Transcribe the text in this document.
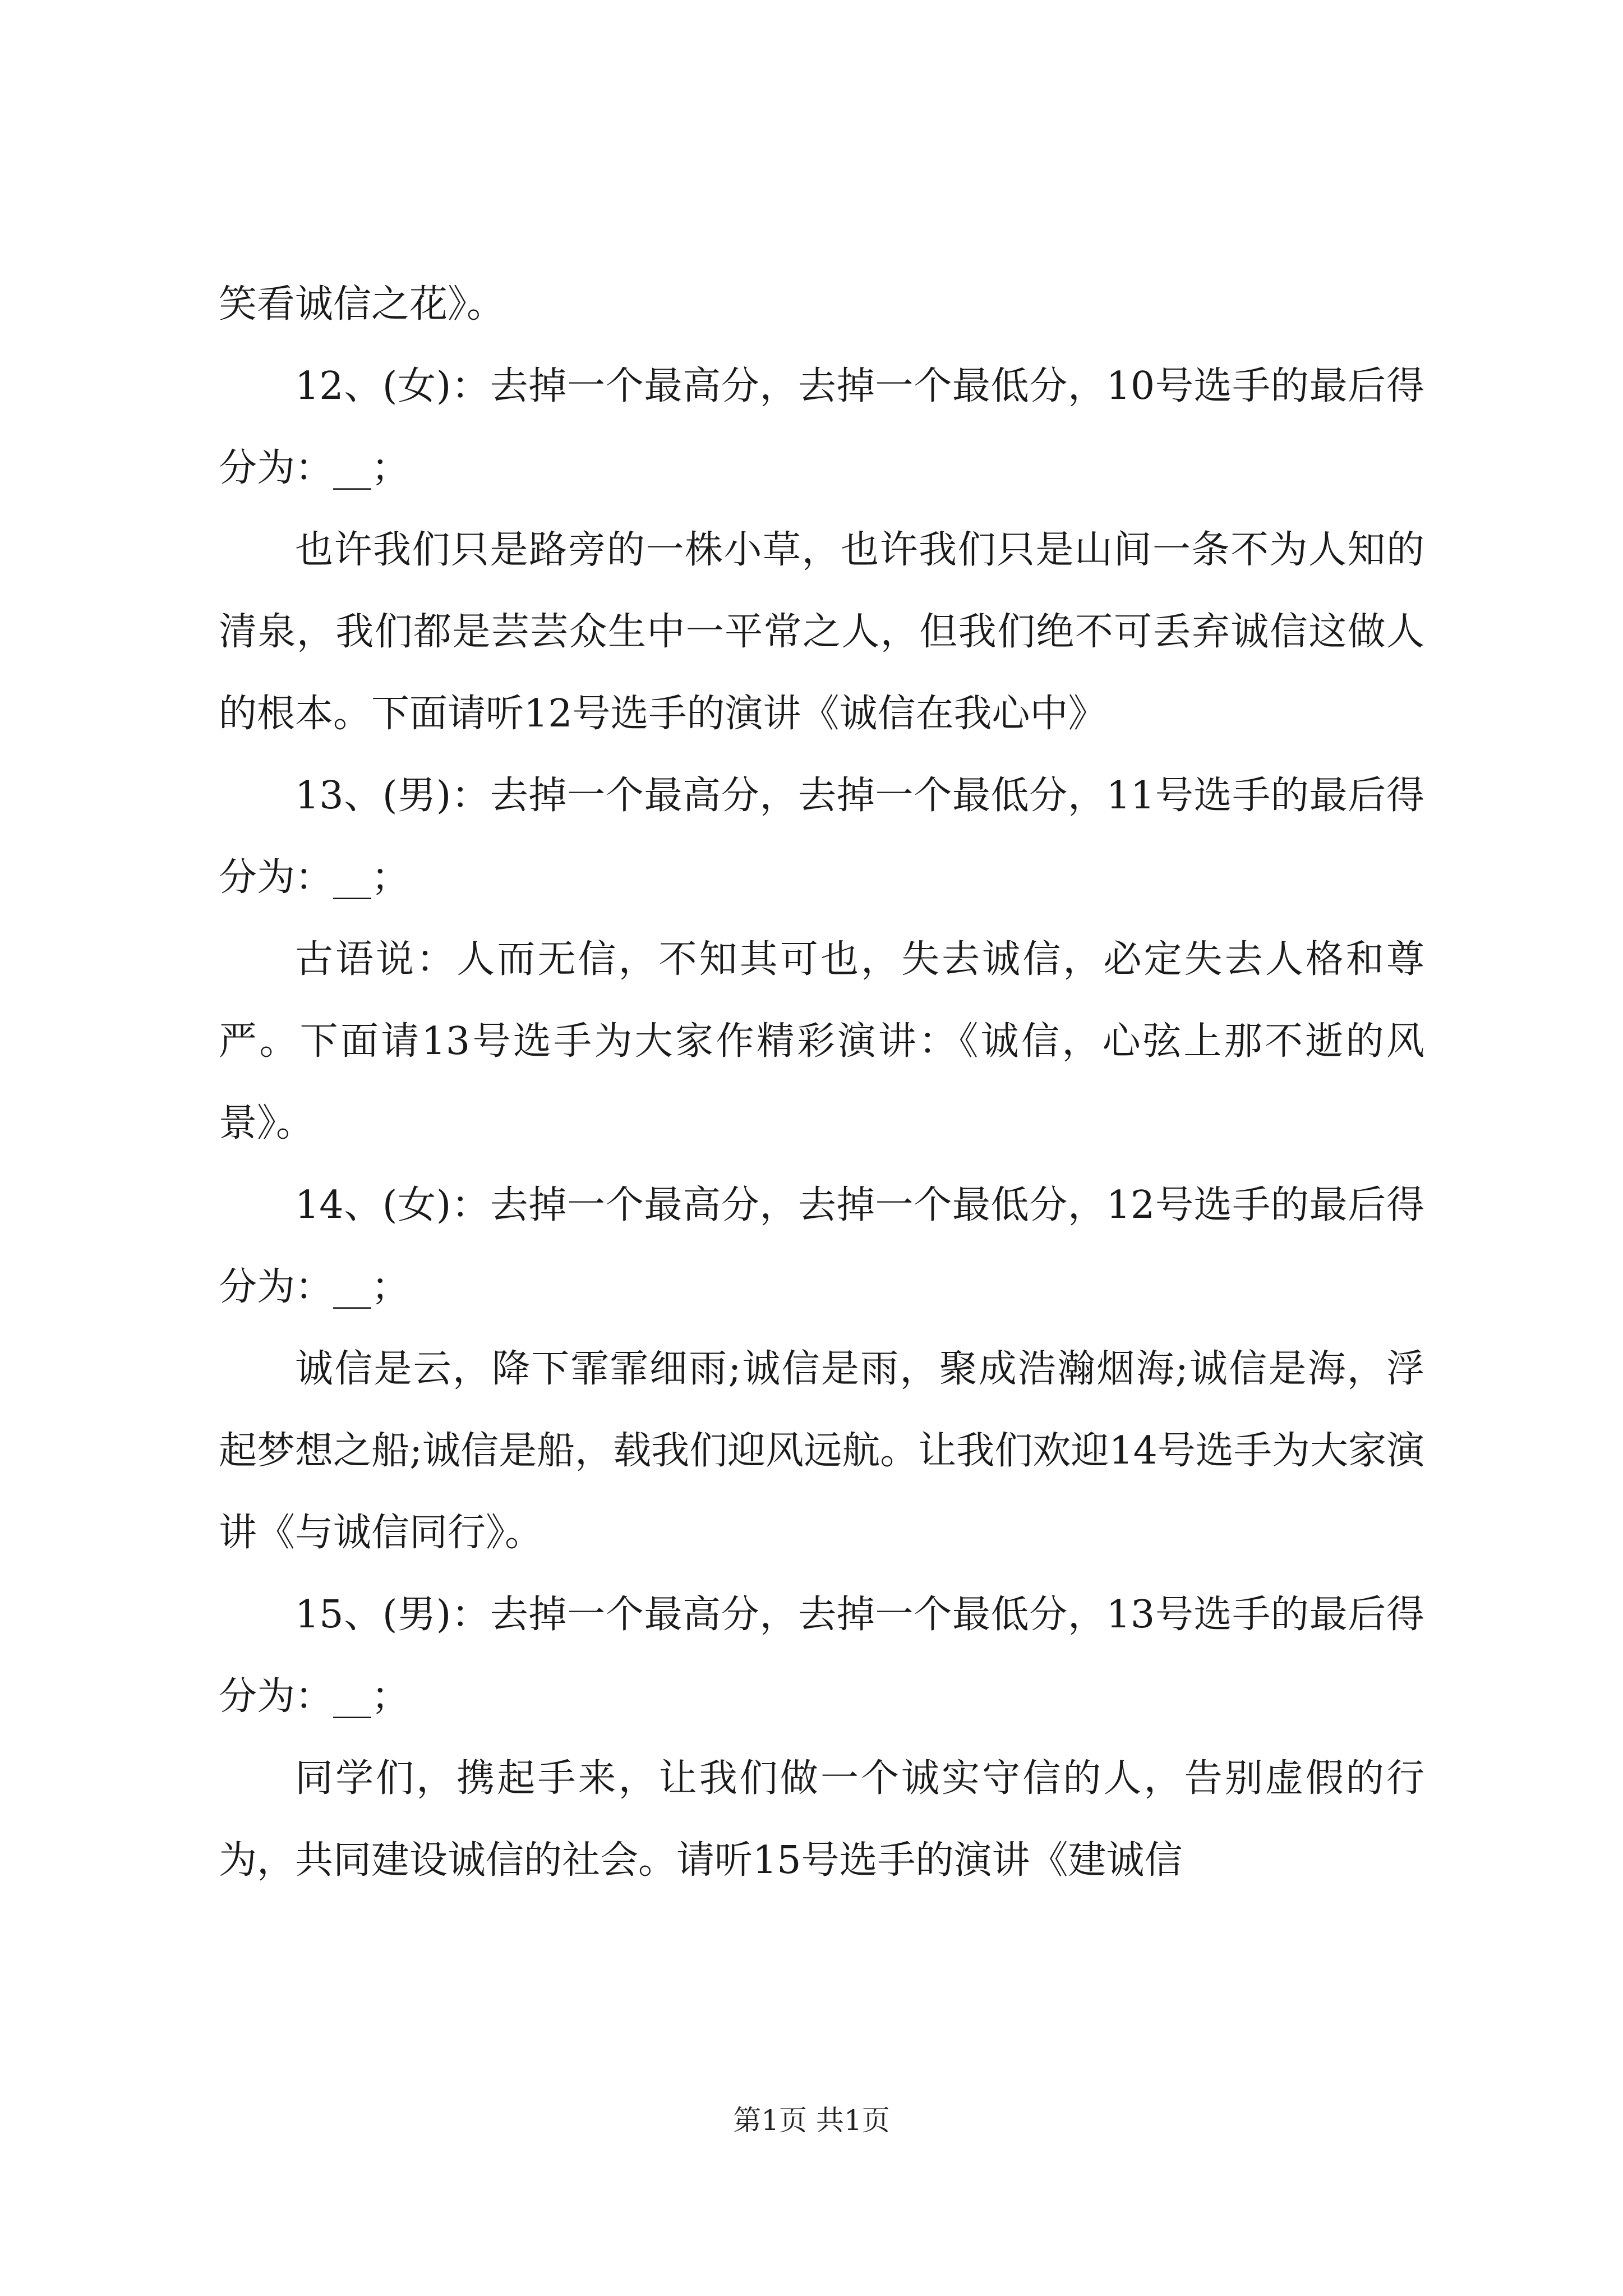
笑看诚信之花》。

12、(女)：去掉一个最高分，去掉一个最低分，10号选手的最后得分为：__；

也许我们只是路旁的一株小草，也许我们只是山间一条不为人知的清泉，我们都是芸芸众生中一平常之人，但我们绝不可丢弃诚信这做人的根本。下面请听12号选手的演讲《诚信在我心中》

13、(男)：去掉一个最高分，去掉一个最低分，11号选手的最后得分为：__；

古语说：人而无信，不知其可也，失去诚信，必定失去人格和尊严。下面请13号选手为大家作精彩演讲：《诚信，心弦上那不逝的风景》。

14、(女)：去掉一个最高分，去掉一个最低分，12号选手的最后得分为：__；

诚信是云，降下霏霏细雨;诚信是雨，聚成浩瀚烟海;诚信是海，浮起梦想之船;诚信是船，载我们迎风远航。让我们欢迎14号选手为大家演讲《与诚信同行》。

15、(男)：去掉一个最高分，去掉一个最低分，13号选手的最后得分为：__；

同学们，携起手来，让我们做一个诚实守信的人，告别虚假的行为，共同建设诚信的社会。请听15号选手的演讲《建诚信

第1页 共1页
